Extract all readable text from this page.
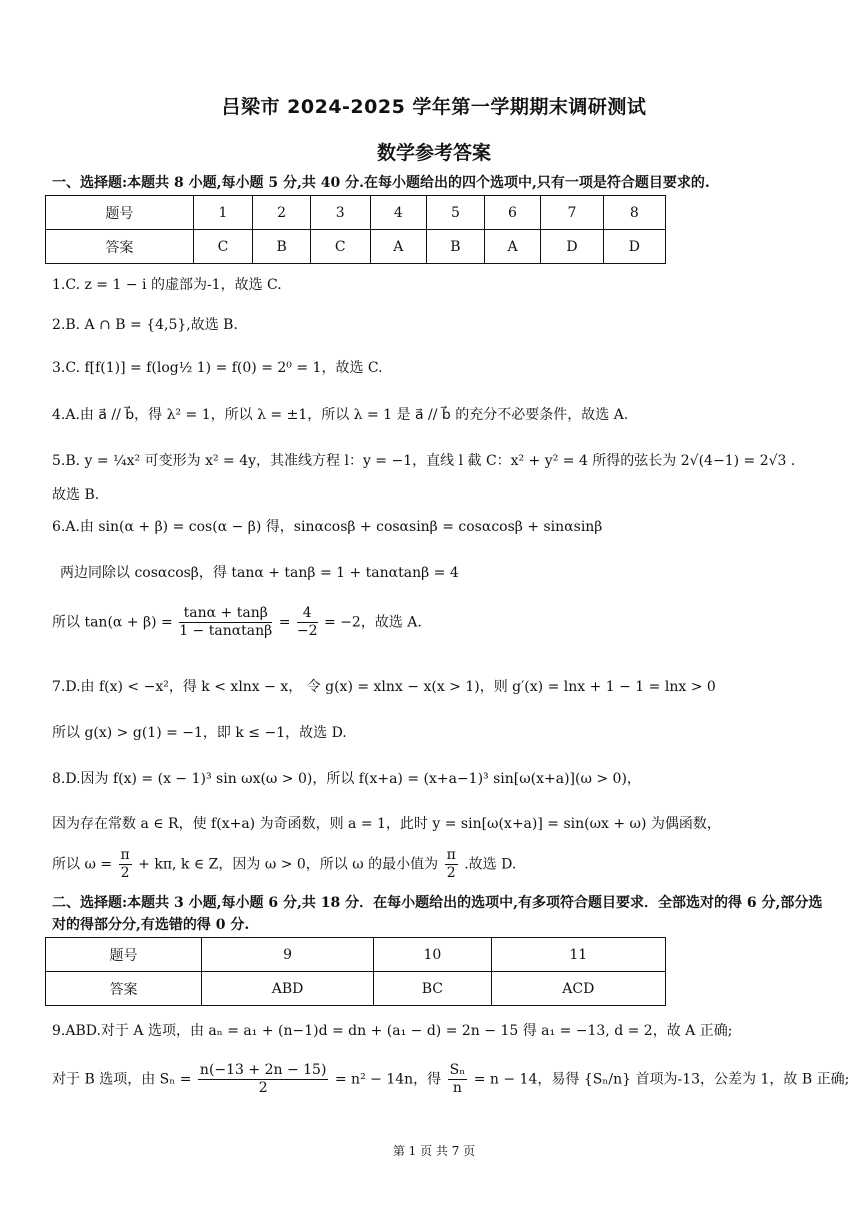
吕梁市 2024-2025 学年第一学期期末调研测试
数学参考答案
一、选择题:本题共 8 小题,每小题 5 分,共 40 分.在每小题给出的四个选项中,只有一项是符合题目要求的.
题号	1	2	3	4	5	6	7	8
答案	C	B	C	A	B	A	D	D
1.C. z = 1 − i 的虚部为-1，故选 C.
2.B. A ∩ B = {4,5},故选 B.
3.C. f[f(1)] = f(log½ 1) = f(0) = 2⁰ = 1，故选 C.
4.A.由 a⃗ // b⃗，得 λ² = 1，所以 λ = ±1，所以 λ = 1 是 a⃗ // b⃗ 的充分不必要条件，故选 A.
5.B. y = ¼x² 可变形为 x² = 4y，其准线方程 l：y = −1，直线 l 截 C：x² + y² = 4 所得的弦长为 2√(4−1) = 2√3 .
故选 B.
6.A.由 sin(α + β) = cos(α − β) 得，sinαcosβ + cosαsinβ = cosαcosβ + sinαsinβ
两边同除以 cosαcosβ，得 tanα + tanβ = 1 + tanαtanβ = 4
所以 $\tan(\alpha + \beta) = \frac{\tan\alpha + \tan\beta}{1 - \tan\alpha\tan\beta} = \frac{4}{-2} = -2$，故选 A.
7.D.由 f(x) < −x²，得 k < xlnx − x， 令 g(x) = xlnx − x(x > 1)，则 g′(x) = lnx + 1 − 1 = lnx > 0
所以 g(x) > g(1) = −1，即 k ≤ −1，故选 D.
8.D.因为 f(x) = (x − 1)³ sin ωx(ω > 0)，所以 f(x+a) = (x+a−1)³ sin[ω(x+a)](ω > 0)，
因为存在常数 a ∈ R，使 f(x+a) 为奇函数，则 a = 1，此时 y = sin[ω(x+a)] = sin(ωx + ω) 为偶函数，
所以 $\omega = \frac{\pi}{2} + k\pi$, k ∈ Z，因为 ω > 0，所以 ω 的最小值为 $\frac{\pi}{2}$ .故选 D.
二、选择题:本题共 3 小题,每小题 6 分,共 18 分．在每小题给出的选项中,有多项符合题目要求．全部选对的得 6 分,部分选对的得部分分,有选错的得 0 分.
题号	9	10	11
答案	ABD	BC	ACD
9.ABD.对于 A 选项，由 aₙ = a₁ + (n−1)d = dn + (a₁ − d) = 2n − 15 得 a₁ = −13, d = 2，故 A 正确;
对于 B 选项，由 $S_n = \frac{n(-13 + 2n - 15)}{2} = n^2 - 14n$，得 $\frac{\text{Sₙ}}{n} = n - 14$，易得 {Sₙ/n} 首项为-13，公差为 1，故 B 正确;
第 1 页 共 7 页
